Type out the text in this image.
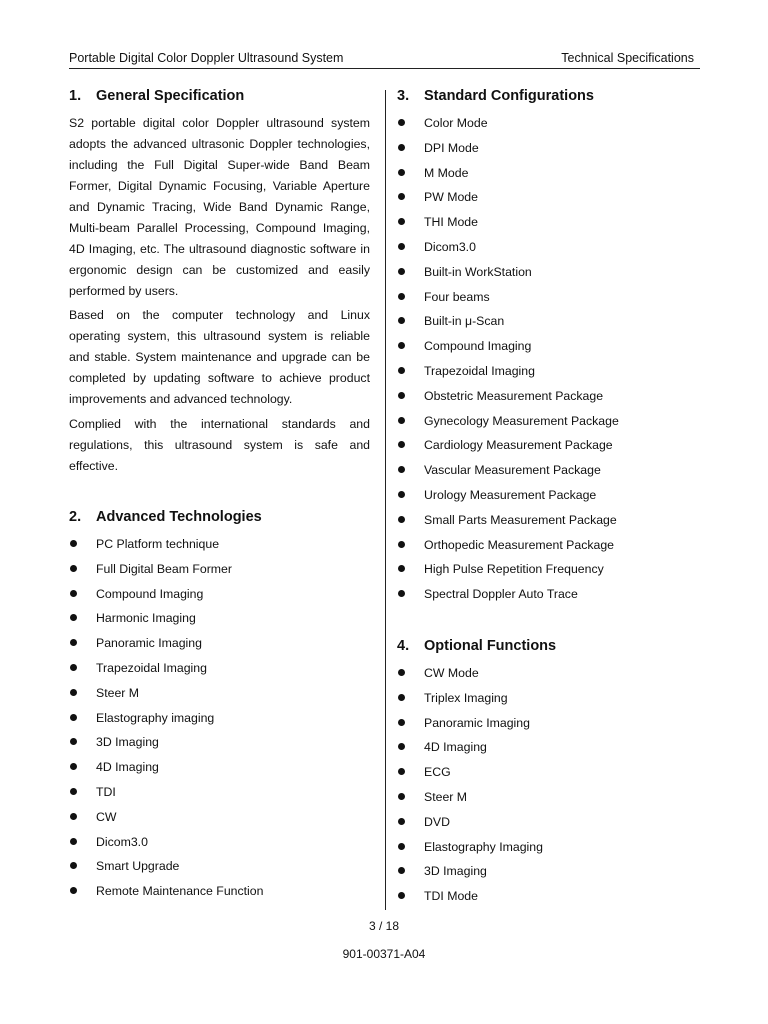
Portable Digital Color Doppler Ultrasound System	Technical Specifications
1. General Specification

S2 portable digital color Doppler ultrasound system adopts the advanced ultrasonic Doppler technologies, including the Full Digital Super-wide Band Beam Former, Digital Dynamic Focusing, Variable Aperture and Dynamic Tracing, Wide Band Dynamic Range, Multi-beam Parallel Processing, Compound Imaging, 4D Imaging, etc. The ultrasound diagnostic software in ergonomic design can be customized and easily performed by users.

Based on the computer technology and Linux operating system, this ultrasound system is reliable and stable. System maintenance and upgrade can be completed by updating software to achieve product improvements and advanced technology.

Complied with the international standards and regulations, this ultrasound system is safe and effective.

2. Advanced Technologies
PC Platform technique
Full Digital Beam Former
Compound Imaging
Harmonic Imaging
Panoramic Imaging
Trapezoidal Imaging
Steer M
Elastography imaging
3D Imaging
4D Imaging
TDI
CW
Dicom3.0
Smart Upgrade
Remote Maintenance Function
3. Standard Configurations
Color Mode
DPI Mode
M Mode
PW Mode
THI Mode
Dicom3.0
Built-in WorkStation
Four beams
Built-in μ-Scan
Compound Imaging
Trapezoidal Imaging
Obstetric Measurement Package
Gynecology Measurement Package
Cardiology Measurement Package
Vascular Measurement Package
Urology Measurement Package
Small Parts Measurement Package
Orthopedic Measurement Package
High Pulse Repetition Frequency
Spectral Doppler Auto Trace
4. Optional Functions
CW Mode
Triplex Imaging
Panoramic Imaging
4D Imaging
ECG
Steer M
DVD
Elastography Imaging
3D Imaging
TDI Mode
3 / 18
901-00371-A04
